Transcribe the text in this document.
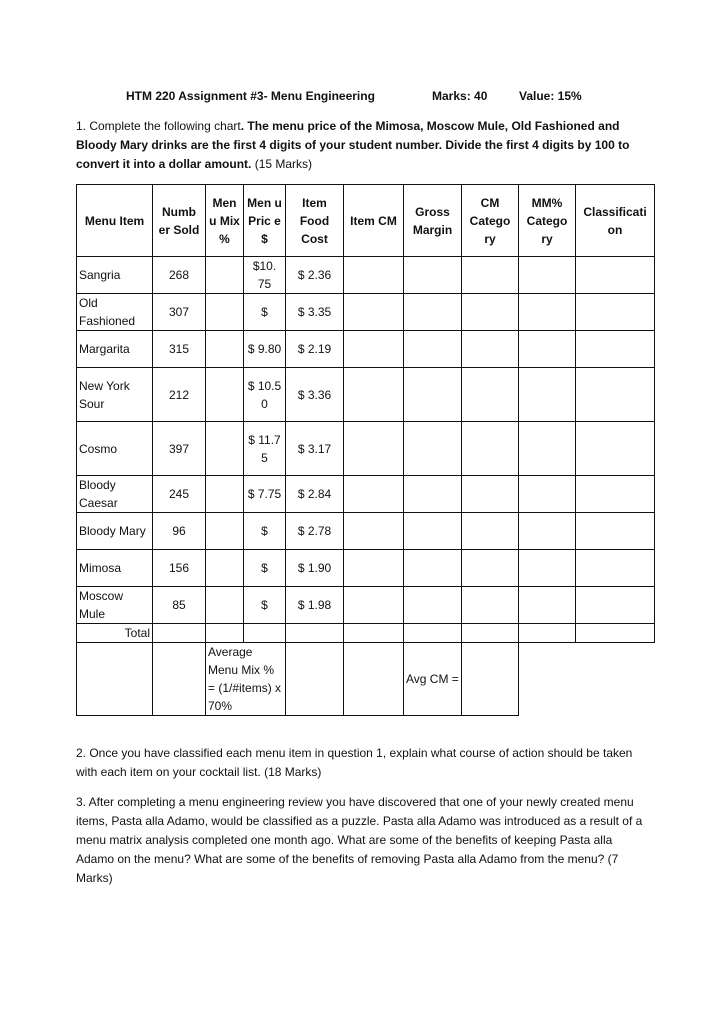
HTM 220 Assignment #3- Menu Engineering	Marks: 40	Value: 15%
1. Complete the following chart. The menu price of the Mimosa, Moscow Mule, Old Fashioned and Bloody Mary drinks are the first 4 digits of your student number. Divide the first 4 digits by 100 to convert it into a dollar amount. (15 Marks)
Menu Item	Numb er Sold	Men u Mix %	Men u Pric e $	Item Food Cost	Item CM	Gross Margin	CM Catego ry	MM% Catego ry	Classificati on
Sangria	268		$10. 75	$ 2.36					
Old Fashioned	307		$	$ 3.35					
Margarita	315		$ 9.80	$ 2.19					
New York Sour	212		$ 10.5 0	$ 3.36					
Cosmo	397		$ 11.7 5	$ 3.17					
Bloody Caesar	245		$ 7.75	$ 2.84					
Bloody Mary	96		$	$ 2.78					
Mimosa	156		$	$ 1.90					
Moscow Mule	85		$	$ 1.98					
Total									
		Average Menu Mix % = (1/#items) x 70%				Avg CM =			
2. Once you have classified each menu item in question 1, explain what course of action should be taken with each item on your cocktail list. (18 Marks)
3. After completing a menu engineering review you have discovered that one of your newly created menu items, Pasta alla Adamo, would be classified as a puzzle. Pasta alla Adamo was introduced as a result of a menu matrix analysis completed one month ago. What are some of the benefits of keeping Pasta alla Adamo on the menu? What are some of the benefits of removing Pasta alla Adamo from the menu? (7 Marks)
